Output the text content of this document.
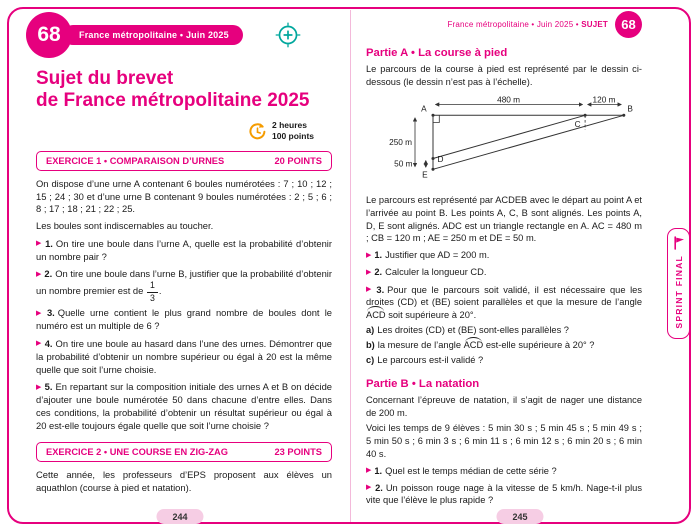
68	France métropolitaine • Juin 2025
Sujet du brevet
de France métropolitaine 2025
2 heures
100 points
EXERCICE 1 • COMPARAISON D’URNES	20 POINTS

On dispose d’une urne A contenant 6 boules numérotées : 7 ; 10 ; 12 ; 15 ; 24 ; 30 et d’une urne B contenant 9 boules numérotées : 2 ; 5 ; 6 ; 8 ; 17 ; 18 ; 21 ; 22 ; 25.

Les boules sont indiscernables au toucher.

▶ 1. On tire une boule dans l’urne A, quelle est la probabilité d’obtenir un nombre pair ?

▶ 2. On tire une boule dans l’urne B, justifier que la probabilité d’obtenir un nombre premier est de $\frac{1}{3}$ .

▶ 3. Quelle urne contient le plus grand nombre de boules dont le numéro est un multiple de 6 ?

▶ 4. On tire une boule au hasard dans l’une des urnes. Démontrer que la probabilité d’obtenir un nombre supérieur ou égal à 20 est la même quelle que soit l’urne choisie.

▶ 5. En repartant sur la composition initiale des urnes A et B on décide d’ajouter une boule numérotée 50 dans chacune d’entre elles. Dans ces conditions, la probabilité d’obtenir un résultat supérieur ou égal à 20 est-elle toujours égale quelle que soit l’urne choisie ?

EXERCICE 2 • UNE COURSE EN ZIG-ZAG	23 POINTS

Cette année, les professeurs d’EPS proposent aux élèves un aquathlon (course à pied et natation).

France métropolitaine • Juin 2025 • SUJET	68
Partie A • La course à pied

Le parcours de la course à pied est représenté par le dessin ci-dessous (le dessin n’est pas à l’échelle).

A	B
C
D
E
480 m	120 m
250 m
50 m

Le parcours est représenté par ACDEB avec le départ au point A et l’arrivée au point B. Les points A, C, B sont alignés. Les points A, D, E sont alignés. ADC est un triangle rectangle en A. AC = 480 m ; CB = 120 m ; AE = 250 m et DE = 50 m.

▶ 1. Justifier que AD = 200 m.

▶ 2. Calculer la longueur CD.

▶ 3. Pour que le parcours soit validé, il est nécessaire que les droites (CD) et (BE) soient parallèles et que la mesure de l’angle ACD soit supérieure à 20°.

a) Les droites (CD) et (BE) sont-elles parallèles ?

b) la mesure de l’angle ACD est-elle supérieure à 20° ?

c) Le parcours est-il validé ?

Partie B • La natation

Concernant l’épreuve de natation, il s’agit de nager une distance de 200 m.

Voici les temps de 9 élèves : 5 min 30 s ; 5 min 45 s ; 5 min 49 s ; 5 min 50 s ; 6 min 3 s ; 6 min 11 s ; 6 min 12 s ; 6 min 20 s ; 6 min 40 s.

▶ 1. Quel est le temps médian de cette série ?

▶ 2. Un poisson rouge nage à la vitesse de 5 km/h. Nage-t-il plus vite que l’élève le plus rapide ?

SPRINT FINAL
244	245
